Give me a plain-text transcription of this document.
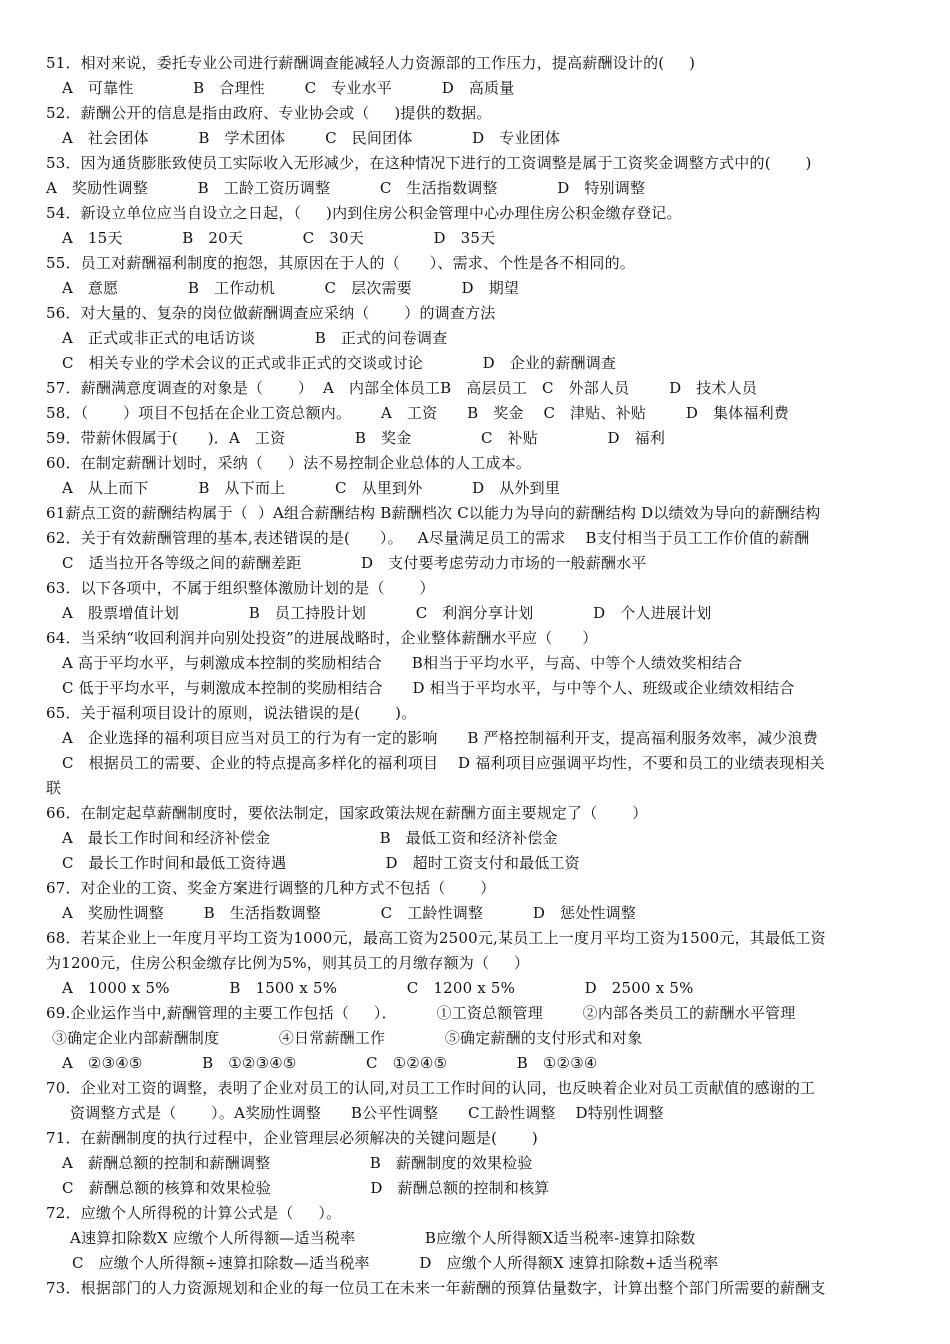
51．相对来说，委托专业公司进行薪酬调查能减轻人力资源部的工作压力，提高薪酬设计的(     )
A   可靠性            B   合理性        C   专业水平          D   高质量
52．薪酬公开的信息是指由政府、专业协会或（     )提供的数据。
A   社会团体          B   学术团体        C   民间团体            D   专业团体
53．因为通货膨胀致使员工实际收入无形减少，在这种情况下进行的工资调整是属于工资奖金调整方式中的(       )
A   奖励性调整          B   工龄工资历调整          C   生活指数调整            D   特别调整
54．新设立单位应当自设立之日起，（     )内到住房公积金管理中心办理住房公积金缴存登记。
A   15天            B   20天            C   30天              D   35天
55．员工对薪酬福利制度的抱怨，其原因在于人的（      ）、需求、个性是各不相同的。
A   意愿              B   工作动机          C   层次需要          D   期望
56．对大量的、复杂的岗位做薪酬调查应采纳（       ）的调查方法
A   正式或非正式的电话访谈            B   正式的问卷调查
C   相关专业的学术会议的正式或非正式的交谈或讨论            D   企业的薪酬调查
57．薪酬满意度调查的对象是（       ）  A   内部全体员工B   高层员工   C   外部人员        D   技术人员
58．（       ）项目不包括在企业工资总额内。      A   工资      B   奖金    C   津贴、补贴        D   集体福利费
59．带薪休假属于(      )．A   工资              B   奖金              C   补贴              D   福利
60．在制定薪酬计划时，采纳（     ）法不易控制企业总体的人工成本。
A   从上而下          B   从下而上          C   从里到外          D   从外到里
61薪点工资的薪酬结构属于（  ）A组合薪酬结构 B薪酬档次 C以能力为导向的薪酬结构 D以绩效为导向的薪酬结构
62．关于有效薪酬管理的基本,表述错误的是(      ）。   A尽量满足员工的需求    B支付相当于员工工作价值的薪酬
C   适当拉开各等级之间的薪酬差距            D   支付要考虑劳动力市场的一般薪酬水平
63．以下各项中，不属于组织整体激励计划的是（       ）
A   股票增值计划              B   员工持股计划          C   利润分享计划            D   个人进展计划
64．当采纳“收回利润并向别处投资”的进展战略时，企业整体薪酬水平应（      ）
A 高于平均水平，与刺激成本控制的奖励相结合      B相当于平均水平，与高、中等个人绩效奖相结合
C 低于平均水平，与刺激成本控制的奖励相结合      D 相当于平均水平，与中等个人、班级或企业绩效相结合
65．关于福利项目设计的原则，说法错误的是(       )。
A   企业选择的福利项目应当对员工的行为有一定的影响      B 严格控制福利开支，提高福利服务效率，减少浪费
C   根据员工的需要、企业的特点提高多样化的福利项目    D 福利项目应强调平均性，不要和员工的业绩表现相关
联
66．在制定起草薪酬制度时，要依法制定，国家政策法规在薪酬方面主要规定了（       ）
A   最长工作时间和经济补偿金                      B   最低工资和经济补偿金
C   最长工作时间和最低工资待遇                    D   超时工资支付和最低工资
67．对企业的工资、奖金方案进行调整的几种方式不包括（       ）
A   奖励性调整        B   生活指数调整            C   工龄性调整          D   惩处性调整
68．若某企业上一年度月平均工资为1000元，最高工资为2500元,某员工上一度月平均工资为1500元，其最低工资
为1200元，住房公积金缴存比例为5%，则其员工的月缴存额为（     ）
A   1000 x 5%            B   1500 x 5%              C   1200 x 5%              D   2500 x 5%
69.企业运作当中,薪酬管理的主要工作包括（     ）．        ①工资总额管理        ②内部各类员工的薪酬水平管理
③确定企业内部薪酬制度            ④日常薪酬工作            ⑤确定薪酬的支付形式和对象
A   ②③④⑤            B   ①②③④⑤              C   ①②④⑤              B   ①②③④
70．企业对工资的调整，表明了企业对员工的认同,对员工工作时间的认同，也反映着企业对员工贡献值的感谢的工
资调整方式是（       ）。A奖励性调整      B公平性调整      C工龄性调整    D特别性调整
71．在薪酬制度的执行过程中，企业管理层必须解决的关键问题是(       )
A   薪酬总额的控制和薪酬调整                    B   薪酬制度的效果检验
C   薪酬总额的核算和效果检验                    D   薪酬总额的控制和核算
72．应缴个人所得税的计算公式是（     ）。
A速算扣除数X 应缴个人所得额—适当税率              B应缴个人所得额X适当税率-速算扣除数
C   应缴个人所得额÷速算扣除数—适当税率          D   应缴个人所得额X 速算扣除数+适当税率
73．根据部门的人力资源规划和企业的每一位员工在未来一年薪酬的预算估量数字，计算出整个部门所需要的薪酬支
